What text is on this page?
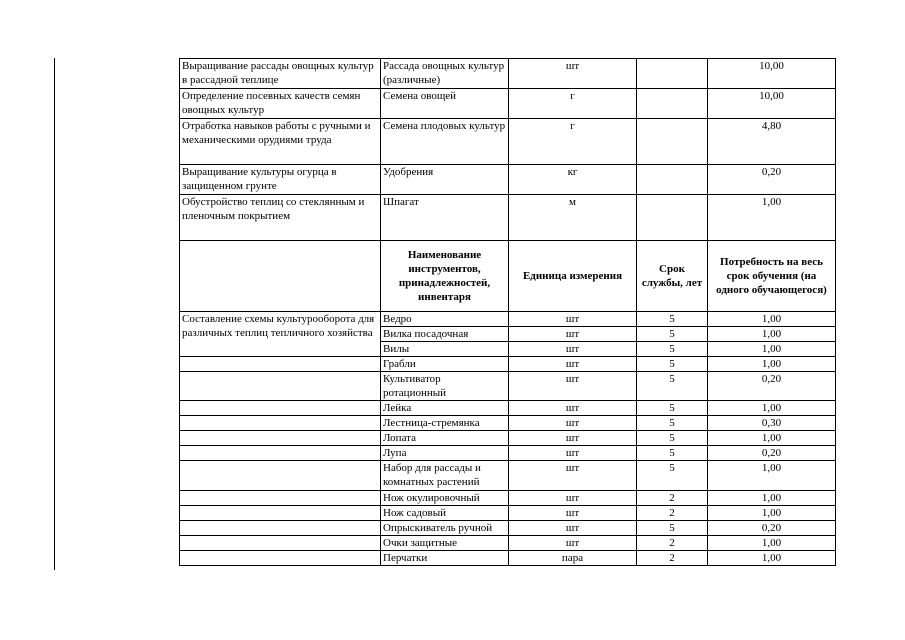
Выращивание рассады овощных культур в рассадной теплице	Рассада овощных культур (различные)	шт		10,00
Определение посевных качеств семян овощных культур	Семена овощей	г		10,00
Отработка навыков работы с ручными и механическими орудиями труда	Семена плодовых культур	г		4,80
Выращивание культуры огурца в защищенном грунте	Удобрения	кг		0,20
Обустройство теплиц со стеклянным и пленочным покрытием	Шпагат	м		1,00
	Наименование инструментов, принадлежностей, инвентаря	Единица измерения	Срок службы, лет	Потребность на весь срок обучения (на одного обучающегося)
Составление схемы культурооборота для различных теплиц тепличного хозяйства	Ведро	шт	5	1,00
	Вилка посадочная	шт	5	1,00
	Вилы	шт	5	1,00
	Грабли	шт	5	1,00
	Культиватор ротационный	шт	5	0,20
	Лейка	шт	5	1,00
	Лестница-стремянка	шт	5	0,30
	Лопата	шт	5	1,00
	Лупа	шт	5	0,20
	Набор для рассады и комнатных растений	шт	5	1,00
	Нож окулировочный	шт	2	1,00
	Нож садовый	шт	2	1,00
	Опрыскиватель ручной	шт	5	0,20
	Очки защитные	шт	2	1,00
	Перчатки	пара	2	1,00
